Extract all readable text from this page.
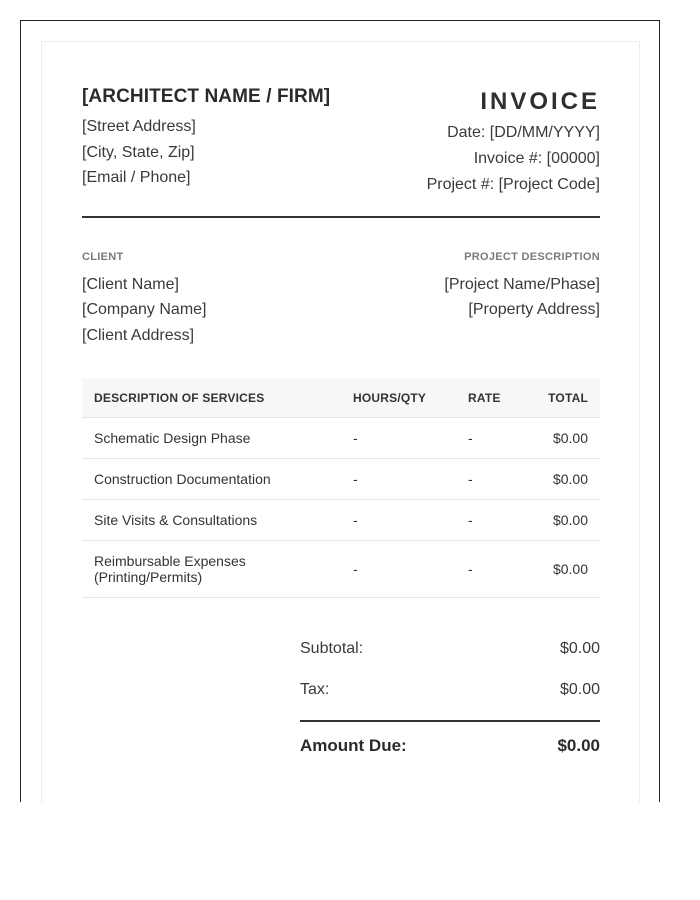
[ARCHITECT NAME / FIRM]
[Street Address]
[City, State, Zip]
[Email / Phone]
INVOICE
Date: [DD/MM/YYYY]
Invoice #: [00000]
Project #: [Project Code]
CLIENT
[Client Name]
[Company Name]
[Client Address]
PROJECT DESCRIPTION
[Project Name/Phase]
[Property Address]
DESCRIPTION OF SERVICES	HOURS/QTY	RATE	TOTAL
Schematic Design Phase	-	-	$0.00
Construction Documentation	-	-	$0.00
Site Visits & Consultations	-	-	$0.00

Reimbursable Expenses
(Printing/Permits)	-	-	$0.00
Subtotal:	$0.00
Tax:	$0.00
Amount Due:	$0.00
